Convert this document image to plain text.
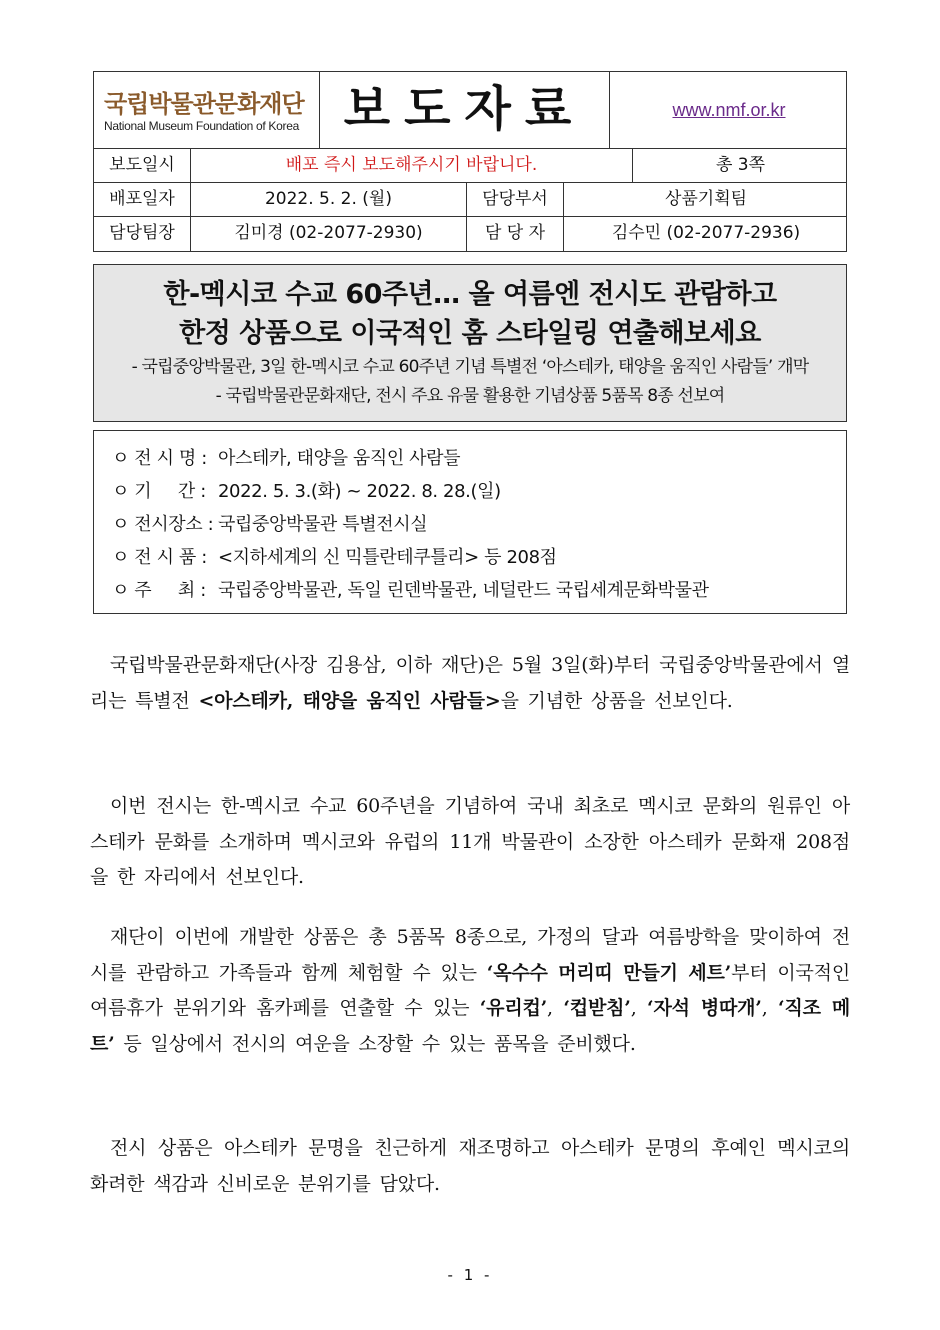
국립박물관문화재단
National Museum Foundation of Korea 보도자료	www.nmf.or.kr
보도일시	배포 즉시 보도해주시기 바랍니다.	총 3쪽
배포일자	2022. 5. 2. (월)	담당부서	상품기획팀
담당팀장	김미경 (02-2077-2930)	담 당 자	김수민 (02-2077-2936)
한-멕시코 수교 60주년… 올 여름엔 전시도 관람하고
한정 상품으로 이국적인 홈 스타일링 연출해보세요
- 국립중앙박물관, 3일 한-멕시코 수교 60주년 기념 특별전 ‘아스테카, 태양을 움직인 사람들’ 개막
- 국립박물관문화재단, 전시 주요 유물 활용한 기념상품 5품목 8종 선보여
ㅇ 전 시 명 : 아스테카, 태양을 움직인 사람들
ㅇ 기     간 : 2022. 5. 3.(화) ~ 2022. 8. 28.(일)
ㅇ 전시장소 : 국립중앙박물관 특별전시실
ㅇ 전 시 품 : <지하세계의 신 믹틀란테쿠틀리> 등 208점
ㅇ 주     최 : 국립중앙박물관, 독일 린덴박물관, 네덜란드 국립세계문화박물관

국립박물관문화재단(사장 김용삼, 이하 재단)은 5월 3일(화)부터 국립중앙박물관에서 열리는 특별전 <아스테카, 태양을 움직인 사람들>을 기념한 상품을 선보인다.

이번 전시는 한-멕시코 수교 60주년을 기념하여 국내 최초로 멕시코 문화의 원류인 아스테카 문화를 소개하며 멕시코와 유럽의 11개 박물관이 소장한 아스테카 문화재 208점을 한 자리에서 선보인다.

재단이 이번에 개발한 상품은 총 5품목 8종으로, 가정의 달과 여름방학을 맞이하여 전시를 관람하고 가족들과 함께 체험할 수 있는 ‘옥수수 머리띠 만들기 세트’부터 이국적인 여름휴가 분위기와 홈카페를 연출할 수 있는 ‘유리컵’, ‘컵받침’, ‘자석 병따개’, ‘직조 메트’ 등 일상에서 전시의 여운을 소장할 수 있는 품목을 준비했다.

전시 상품은 아스테카 문명을 친근하게 재조명하고 아스테카 문명의 후예인 멕시코의 화려한 색감과 신비로운 분위기를 담았다.

- 1 -
